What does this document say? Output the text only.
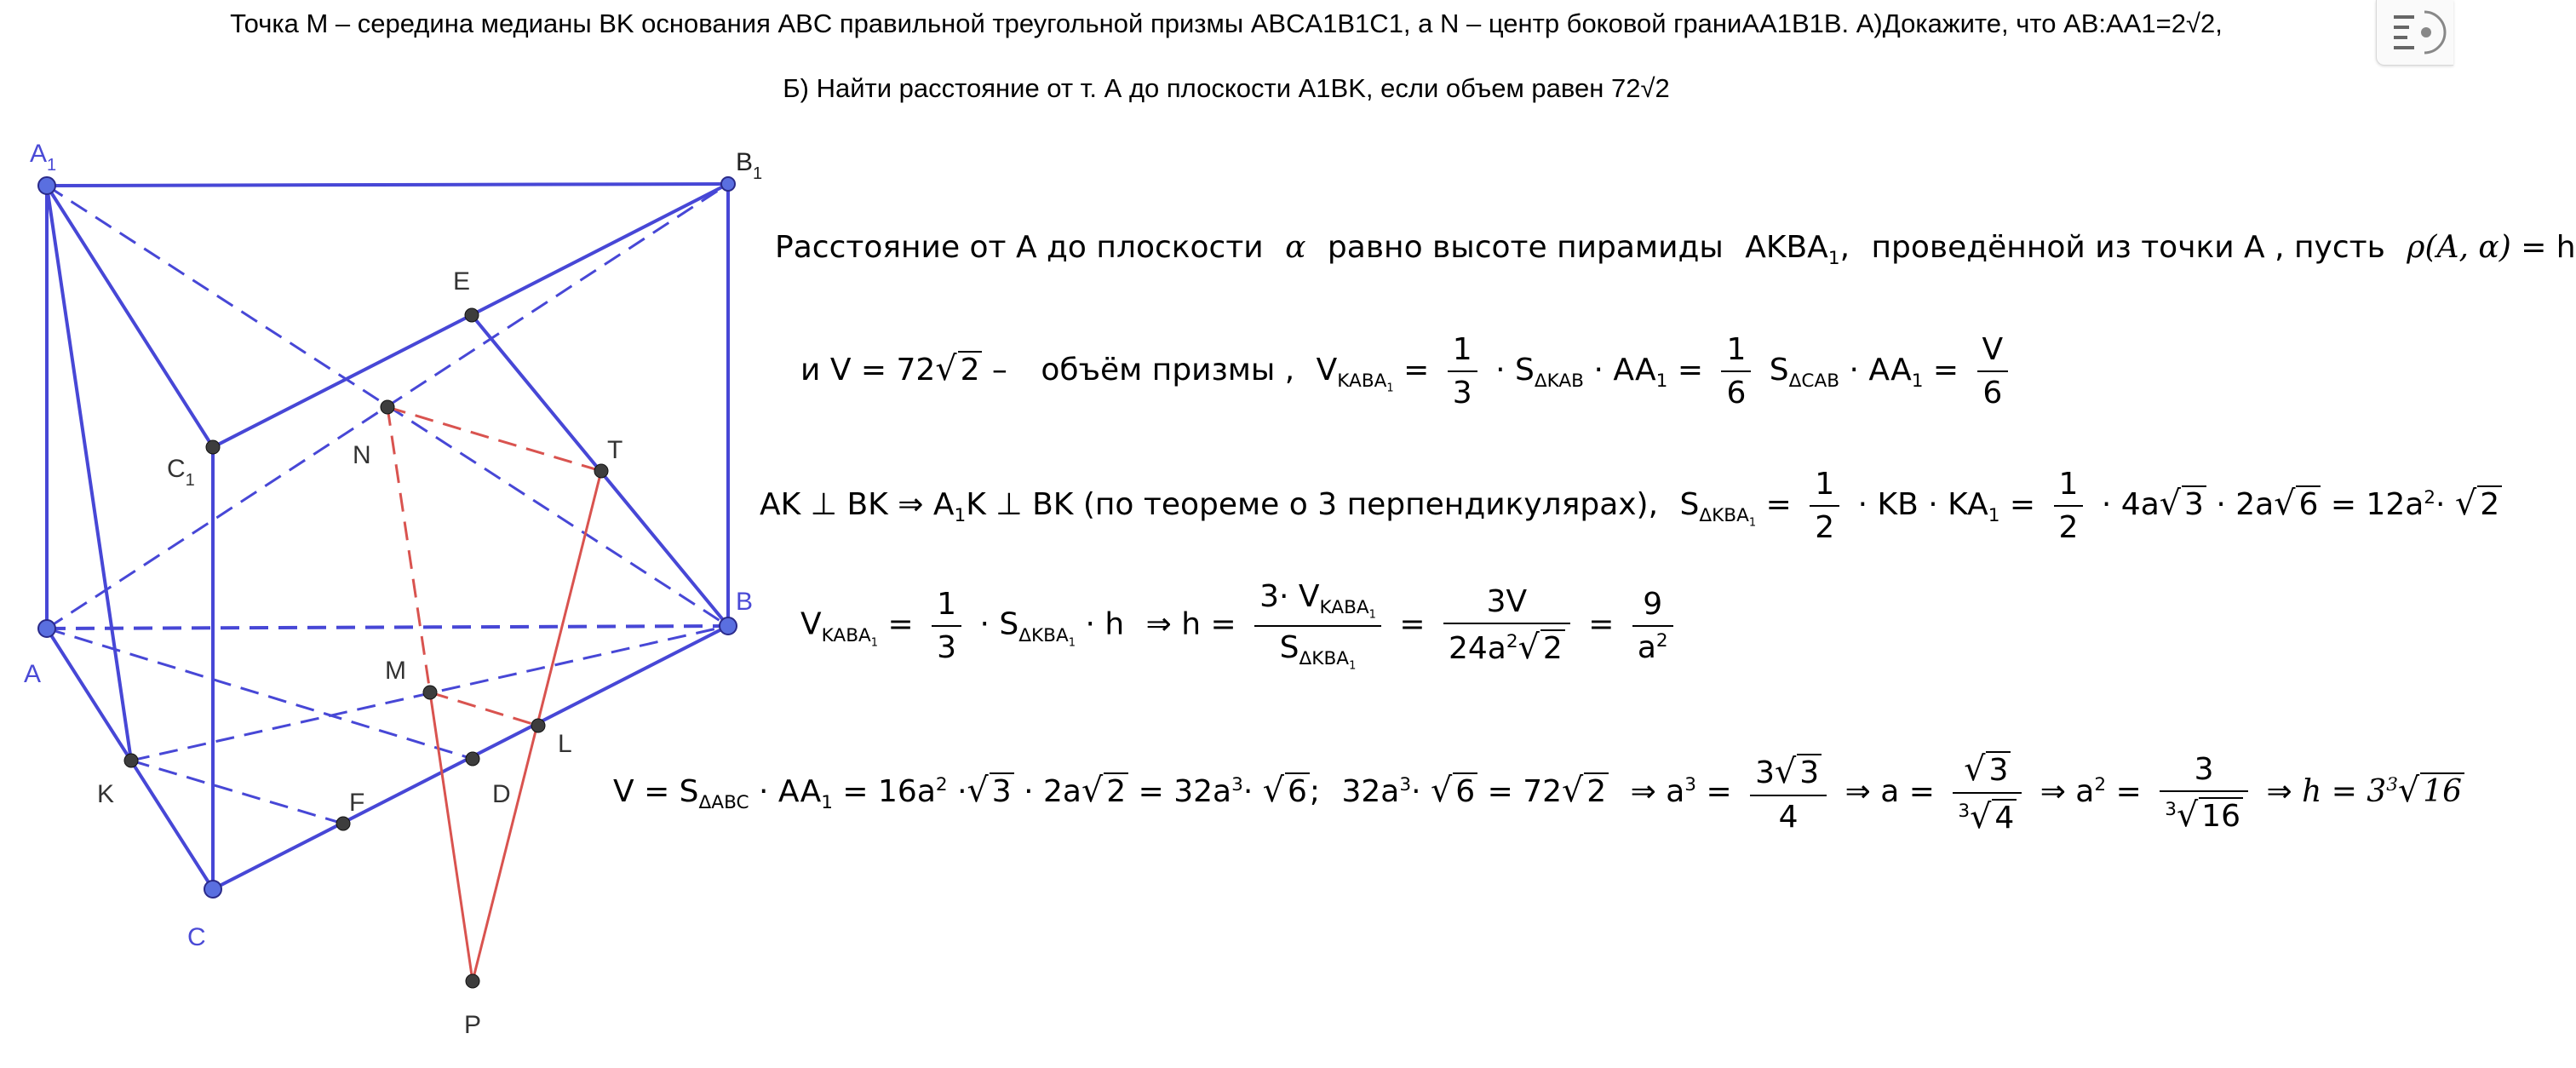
Точка M – середина медианы BK основания ABC правильной треугольной призмы ABCA1B1C1, а N – центр боковой граниAA1B1B. А)Докажите, что AB:AA1=2√2,
Б) Найти расстояние от т. А до плоскости A1BK, если объем равен 72√2
$A_1$	$B_1$
A
B
C
$C_1$
E
N	T
M
K
L
D
F
P
Расстояние от А до плоскости α равно высоте пирамиды $AKBA_1$, проведённой из точки А , пусть ρ(A, α) = h
и V = 72√ 2 – объём призмы , $V_{KABA_1} = \frac{1}{3} \cdot S_{\Delta KAB} \cdot AA_1 = \frac{1}{6} S_{\Delta CAB} \cdot AA_1 = \frac{V}{6}$
AK ⊥ BK ⇒ $A_1K$ ⊥ BK (по теореме о 3 перпендикулярах), $S_{\Delta KBA_1} = \frac{1}{2}$ · KB · $KA_1 = \frac{1}{2} \cdot 4a√$ 3 · 2a√ $6 = 12a^2\cdot$ √ 2
$V_{KABA_1} = \frac{1}{3} \cdot S_{\Delta KBA_1} \cdot h$ ⇒ $h = \frac{3\cdot V_{KABA_1}}{S_{\Delta KBA_1}} = \frac{3V}{24a^2√ 2} = \frac{9}{a^2}$
$V = S_{\Delta ABC} \cdot AA_1 = 16a^2$ ·√ 3 · 2a√ $2 = 32a^3\cdot$ √ 6; $32a^3\cdot$ √ 6 = 72√ 2 ⇒ $a^3 = \frac{3√ 3}{4}$ ⇒ $a = \frac{√ 3}{^3√ 4}$ ⇒ $a^2 = \frac{3}{^3√ 16}$ ⇒ $h = 3^3√$ 16
